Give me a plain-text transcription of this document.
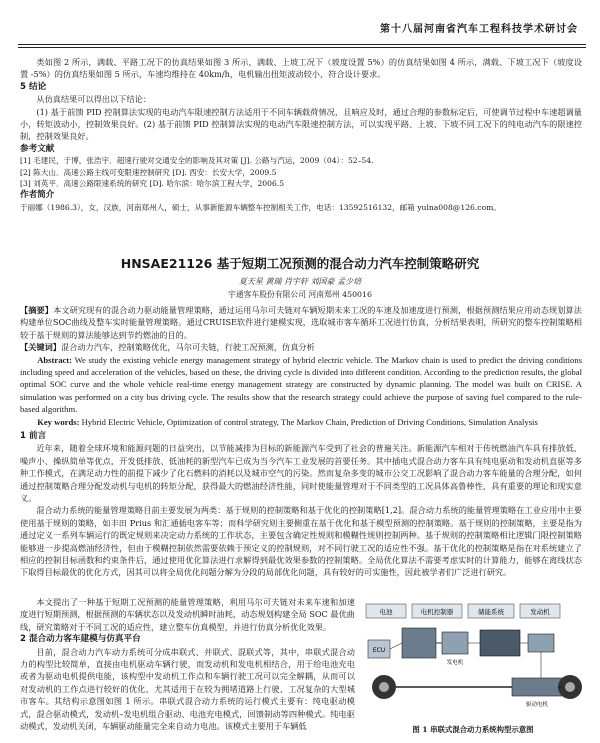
第十八届河南省汽车工程科技学术研讨会

类如图 2 所示，满载、平路工况下的仿真结果如图 3 所示，满载、上坡工况下（坡度设置 5%）的仿真结果如图 4 所示，满载、下坡工况下（坡度设置 -5%）的仿真结果如图 5 所示，车速均维持在 40km/h，电机输出扭矩波动较小，符合设计要求。

5 结论

从仿真结果可以得出以下结论：

(1) 基于前馈 PID 控制算法实现的电动汽车限速控制方法适用于不同车辆载荷情况，且响应及时，通过合理的参数标定后，可使调节过程中车速超调量小，转矩波动小，控制效果良好。(2) 基于前馈 PID 控制算法实现的电动汽车限速控制方法，可以实现平路、上坡、下坡不同工况下的纯电动汽车的限速控制，控制效果良好。

参考文献

[1] 毛建民，于博，张浩宇．超速行驶对交通安全的影响及其对策 [J]. 公路与汽运，2009（04）：52–54.

[2] 陈大山．高速公路主线可变限速控制研究 [D]. 西安：长安大学，2009.5

[3] 刘英平．高速公路限速系统的研究 [D]. 哈尔滨：哈尔滨工程大学，2006.5

作者简介

于丽娜（1986.3），女，汉族，河南郑州人，硕士，从事新能源车辆整车控制相关工作，电话：13592516132，邮箱 yulna008@126.com。

HNSAE21126 基于短期工况预测的混合动力汽车控制策略研究
夏天星 黄瑞 肖宇轩 刘国豪 孟少培
宇通客车股份有限公司 河南郑州 450016

【摘要】本文研究现有的混合动力驱动能量管理策略，通过运用马尔可夫链对车辆短期未来工况的车速及加速度进行预测，根据预测结果应用动态规划算法构建单位SOC曲线及整车实时能量管理策略。通过CRUISE软件进行建模实现，选取城市客车循环工况进行仿真，分析结果表明，所研究的整车控制策略相较于基于规则的算法能够达到节约燃油的目的。

【关键词】混合动力汽车，控制策略优化，马尔可夫链，行驶工况预测，仿真分析

Abstract: We study the existing vehicle energy management strategy of hybrid electric vehicle. The Markov chain is used to predict the driving conditions including speed and acceleration of the vehicles, based on these, the driving cycle is divided into different condition. According to the prediction results, the global optimal SOC curve and the whole vehicle real-time energy management strategy are constructed by dynamic planning. The model was built on CRISE. A simulation was performed on a city bus driving cycle. The results show that the research strategy could achieve the purpose of saving fuel compared to the rule-based algorithm.

Key words: Hybrid Electric Vehicle, Optimization of control strategy, The Markov Chain, Prediction of Driving Conditions, Simulation Analysis

1 前言

近年来，随着全球环境和能源问题的日益突出，以节能减排为目标的新能源汽车受到了社会的普遍关注。新能源汽车相对于传统燃油汽车具有排放低、噪声小、操纵简单等优点，开发低排放、低油耗的新型汽车已成为当今汽车工业发展的首要任务。其中插电式混合动力客车具有纯电驱动和发动机直驱等多种工作模式，在满足动力性的前提下减少了化石燃料的消耗以及城市空气的污染。然而复杂多变的城市公交工况影响了混合动力客车能量的合理分配，如何通过控制策略合理分配发动机与电机的转矩分配，获得最大的燃油经济性能，同时使能量管理对于不同类型的工况具体高鲁棒性，具有重要的理论和现实意义。

混合动力系统的能量管理策略目前主要发展为两类：基于规则的控制策略和基于优化的控制策略[1,2]。混合动力系统的能量管理策略在工业应用中主要使用基于规则的策略，如丰田 Prius 和汇通插电客车等；而科学研究则主要侧重在基于优化和基于模型预测的控制策略。基于规则的控制策略，主要是指为通过定义一系列车辆运行的既定规则来决定动力系统的工作状态，主要包含确定性规则和模糊性规则控制两种。基于规则的控制策略相比逻辑门限控制策略能够进一步提高燃油经济性，但由于模糊控制依然需要依赖于预定义的控制规则，对不同行驶工况的适应性不强。基于优化的控制策略是指在对系统建立了相应的控制目标函数和约束条件后，通过使用优化算法进行求解得到最优效果参数的控制策略。全局优化算法不需要考虑实时的计算能力，能够在离线状态下取得目标最优的优化方式，因其可以将全局优化问题分解为分段的局部优化问题，具有较好的可实施性，因此被学者们广泛进行研究。

本文提出了一种基于短期工况预测的能量管理策略，利用马尔可夫链对未来车速和加速度进行短期预测，根据预测的车辆状态以及发动机瞬时油耗，动态规划构建全局 SOC 最优曲线，研究策略对于不同工况的适应性，建立整车仿真模型，并进行仿真分析优化效果。

2 混合动力客车建模与仿真平台

目前，混合动力汽车动力系统可分成串联式、并联式、混联式等，其中，串联式混合动力的构型比较简单，直接由电机驱动车辆行驶，而发动机和发电机相结合，用于给电池充电或者为驱动电机提供电能，该构型中发动机工作点和车辆行驶工况可以完全解耦，从而可以对发动机的工作点进行较好的优化，尤其适用于在较为拥堵道路上行驶、工况复杂的大型城市客车。其结构示意图如图 1 所示。串联式混合动力系统的运行模式主要有：纯电驱动模式，混合驱动模式，发动机–发电机组合驱动、电池充电模式，回馈制动等四种模式。纯电驱动模式，发动机关闭，车辆驱动能量完全来自动力电池。该模式主要用于车辆低

电池	电机控制器	储能系统	发动机
ECU
发电机
驱动电机
图 1 串联式混合动力系统构型示意图
